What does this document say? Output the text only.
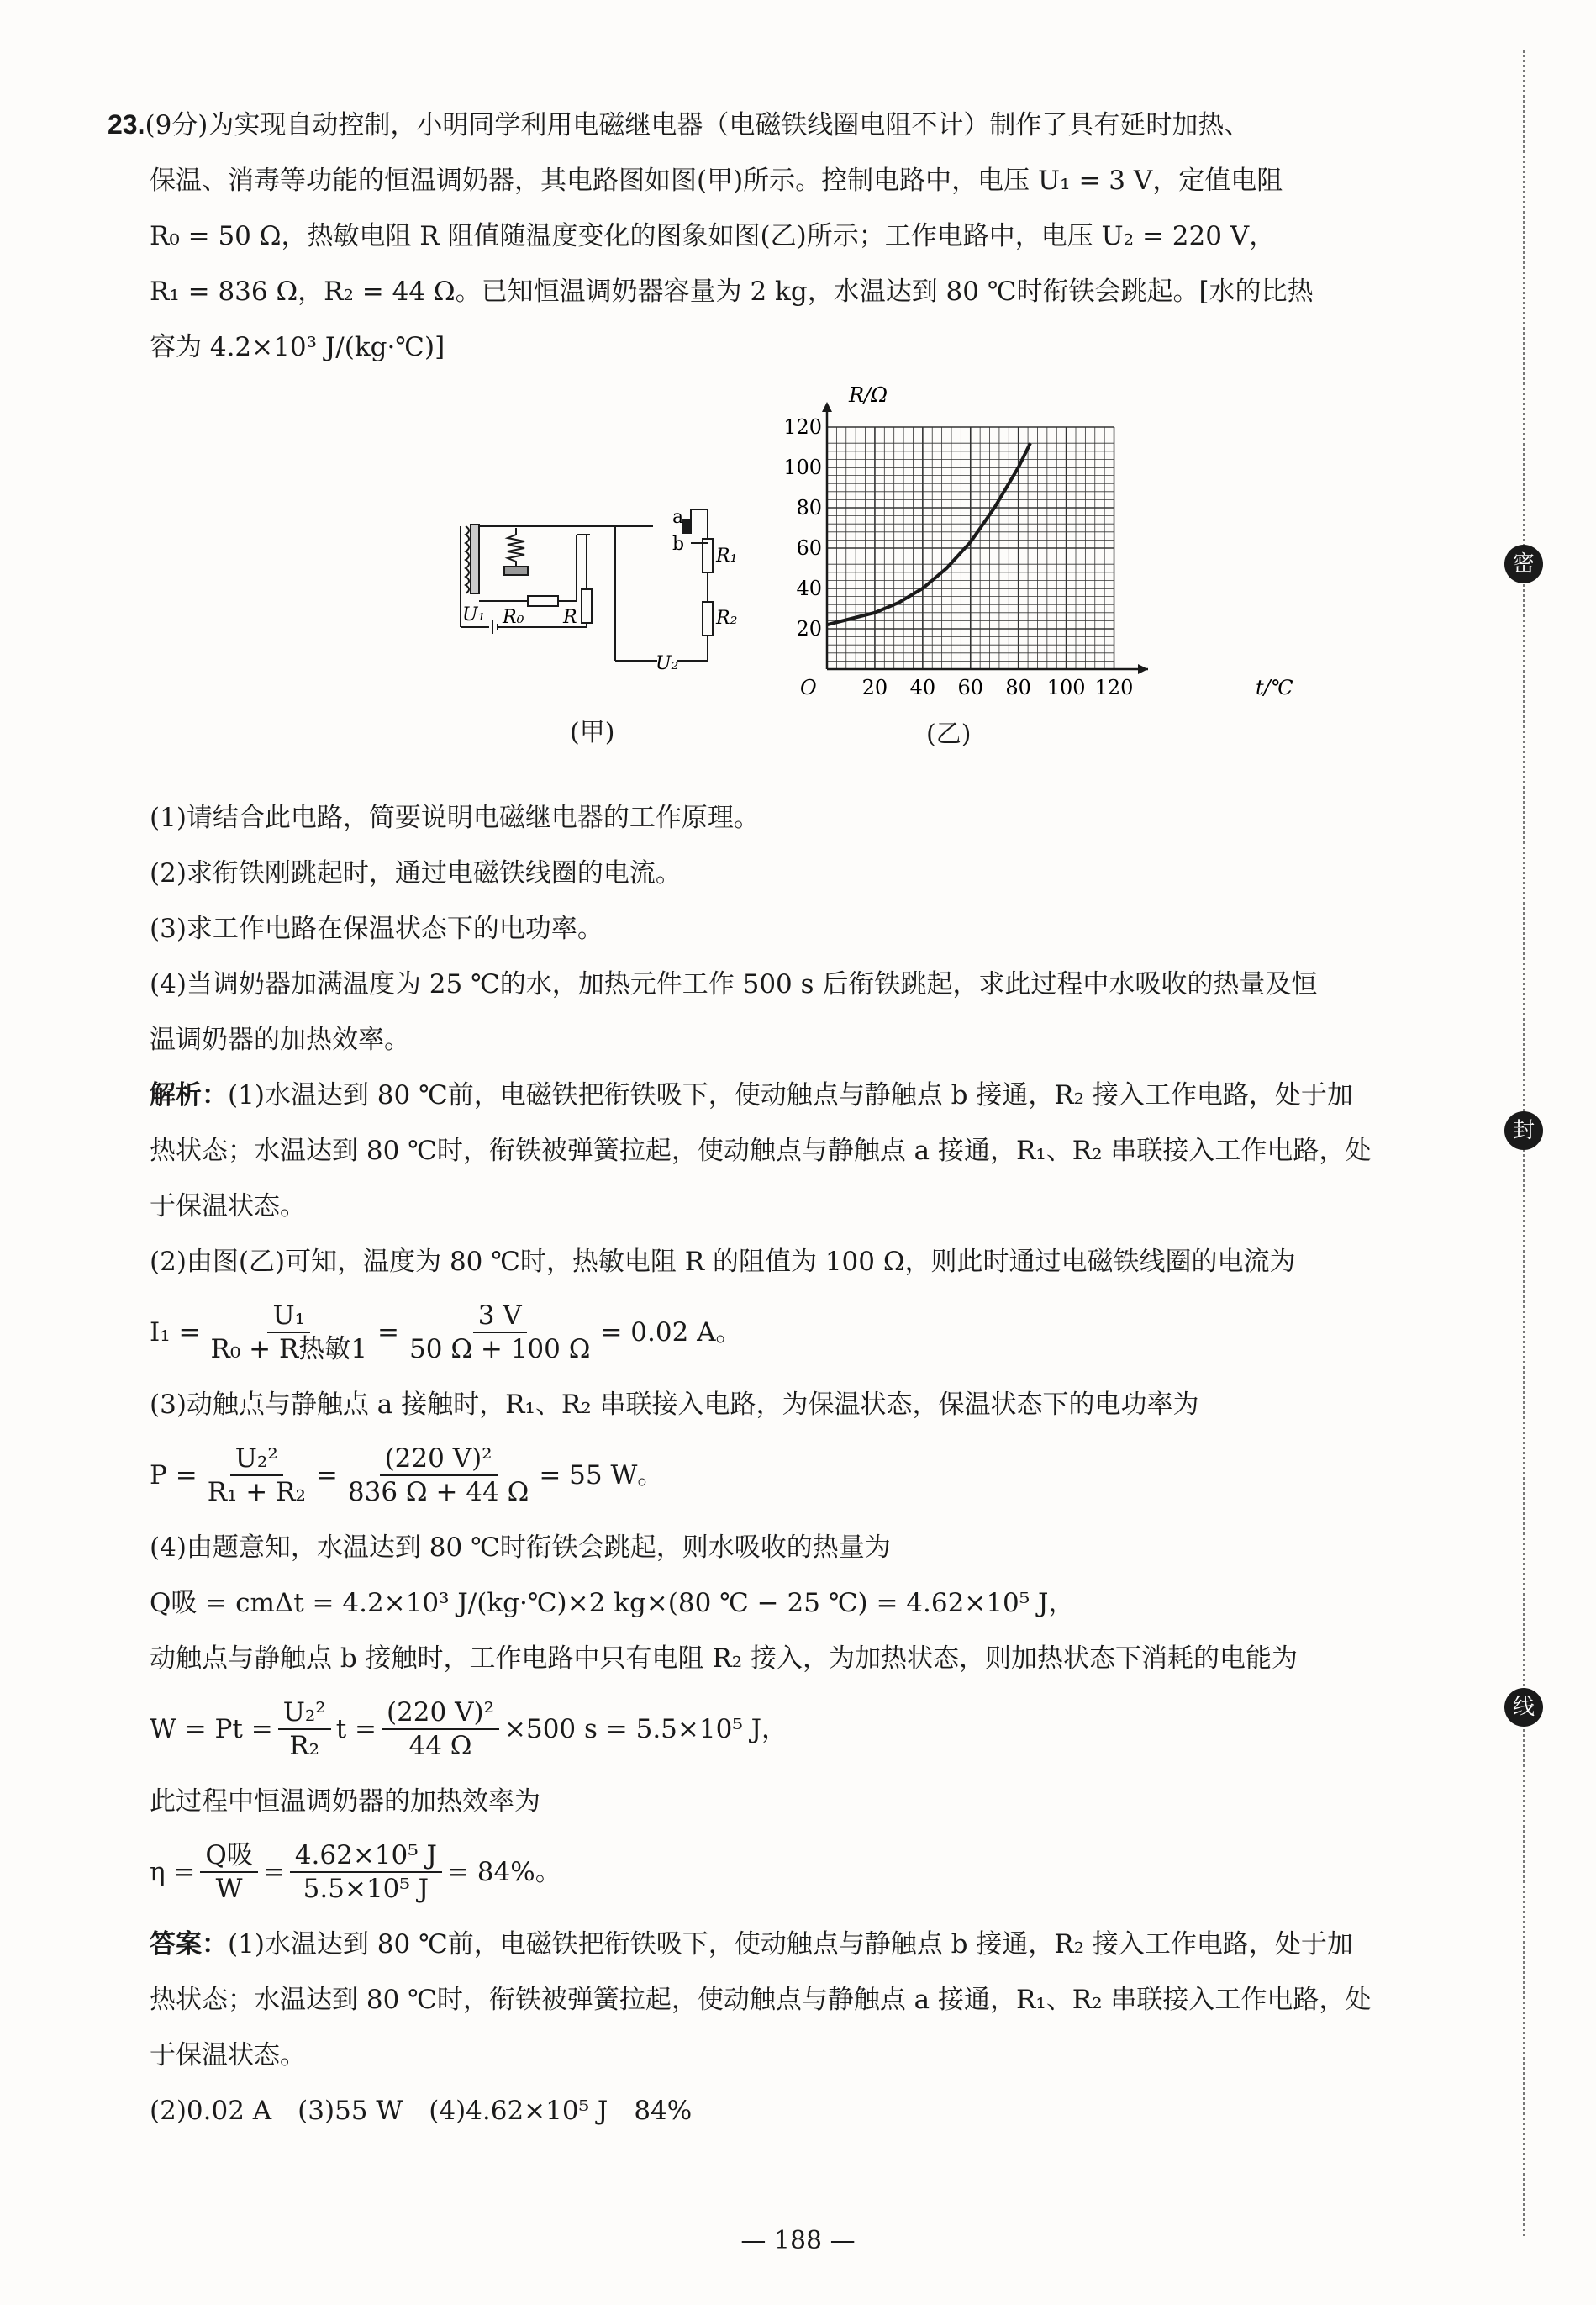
密
封
线

23.(9分)为实现自动控制，小明同学利用电磁继电器（电磁铁线圈电阻不计）制作了具有延时加热、

保温、消毒等功能的恒温调奶器，其电路图如图(甲)所示。控制电路中，电压 U₁ = 3 V，定值电阻

R₀ = 50 Ω，热敏电阻 R 阻值随温度变化的图象如图(乙)所示；工作电路中，电压 U₂ = 220 V，

R₁ = 836 Ω，R₂ = 44 Ω。已知恒温调奶器容量为 2 kg，水温达到 80 ℃时衔铁会跳起。[水的比热

容为 4.2×10³ J/(kg·℃)]

a
b
R₁
R₂
U₁ R₀ R
U₂
(甲)
20 40 60 80 100 120
20
40
60
80
100
120
R/Ω
t/℃
O
(乙)

(1)请结合此电路，简要说明电磁继电器的工作原理。

(2)求衔铁刚跳起时，通过电磁铁线圈的电流。

(3)求工作电路在保温状态下的电功率。

(4)当调奶器加满温度为 25 ℃的水，加热元件工作 500 s 后衔铁跳起，求此过程中水吸收的热量及恒

温调奶器的加热效率。

解析：(1)水温达到 80 ℃前，电磁铁把衔铁吸下，使动触点与静触点 b 接通，R₂ 接入工作电路，处于加

热状态；水温达到 80 ℃时，衔铁被弹簧拉起，使动触点与静触点 a 接通，R₁、R₂ 串联接入工作电路，处

于保温状态。

(2)由图(乙)可知，温度为 80 ℃时，热敏电阻 R 的阻值为 100 Ω，则此时通过电磁铁线圈的电流为

$I_1 = \frac{\text{U₁}}{\text{R₀ + R热敏1}} = \frac{3 V}{50 \Omega + 100 \Omega} = 0.02$ A。

(3)动触点与静触点 a 接触时，R₁、R₂ 串联接入电路，为保温状态，保温状态下的电功率为

$P = \frac{\text{U₂²}}{\text{R₁ + R₂}} = \frac{\text{(220 V)²}}{836 \Omega + 44 \Omega} = 55$ W。

(4)由题意知，水温达到 80 ℃时衔铁会跳起，则水吸收的热量为

Q吸 = cmΔt = 4.2×10³ J/(kg·℃)×2 kg×(80 ℃ − 25 ℃) = 4.62×10⁵ J，

动触点与静触点 b 接触时，工作电路中只有电阻 R₂ 接入，为加热状态，则加热状态下消耗的电能为

$W = Pt = \frac{\text{U₂²}}{\text{R₂}}$ $t = \frac{\text{(220 V)²}}{44 \Omega} \times 500$ s = 5.5×10⁵ J，

此过程中恒温调奶器的加热效率为

$\eta = \frac{\text{Q吸}}{W} = \frac{\text{4.62×10⁵ J}}{\text{5.5×10⁵ J}} = 84\%$。

答案：(1)水温达到 80 ℃前，电磁铁把衔铁吸下，使动触点与静触点 b 接通，R₂ 接入工作电路，处于加

热状态；水温达到 80 ℃时，衔铁被弹簧拉起，使动触点与静触点 a 接通，R₁、R₂ 串联接入工作电路，处

于保温状态。

(2)0.02 A　(3)55 W　(4)4.62×10⁵ J　84%

— 188 —
